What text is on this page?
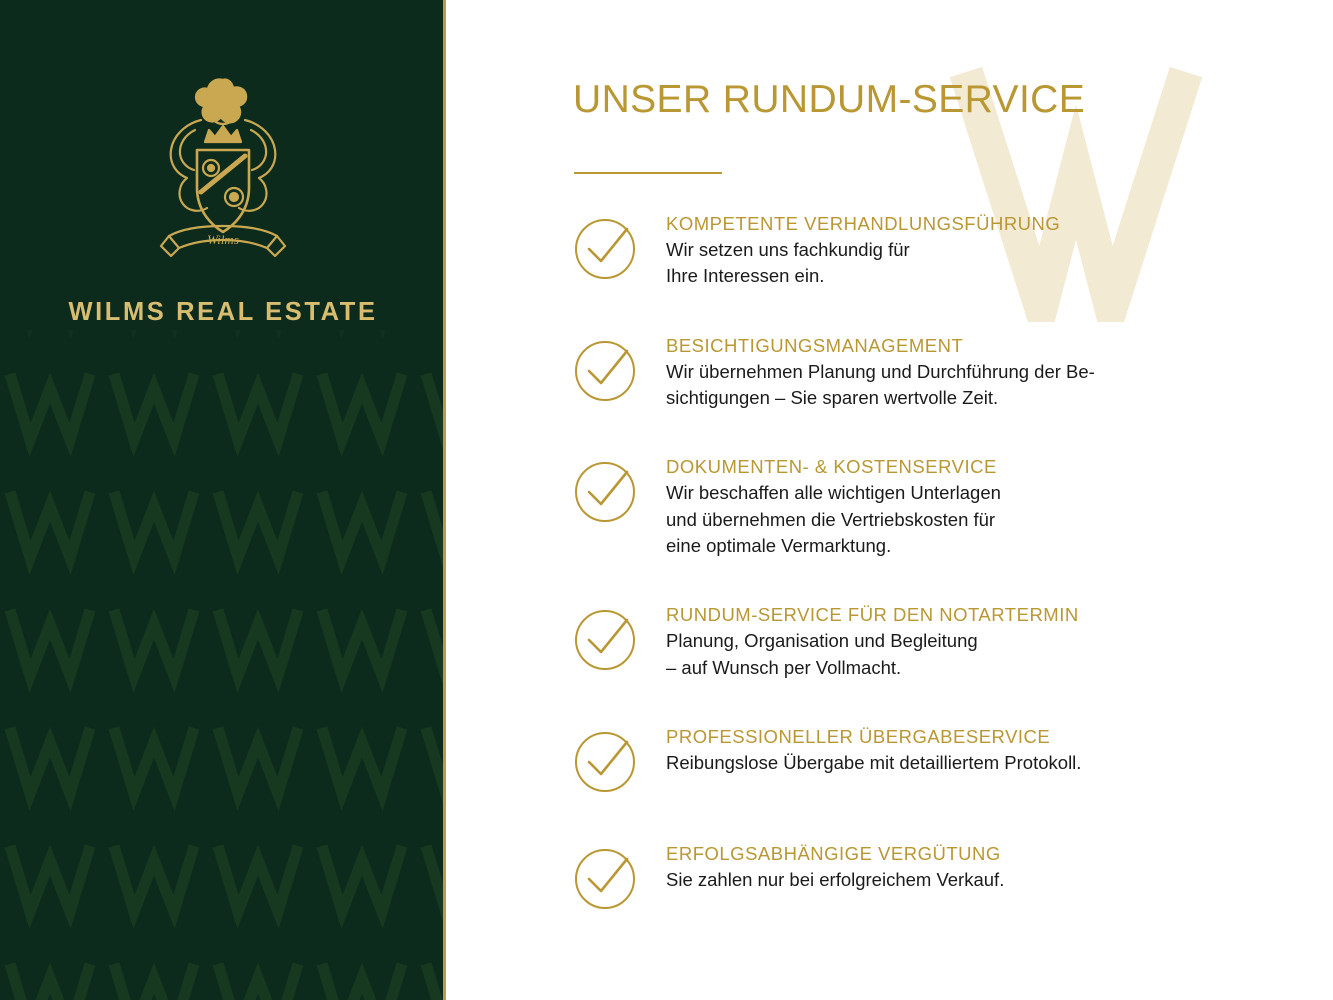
Wilms
WILMS REAL ESTATE
UNSER RUNDUM-SERVICE
KOMPETENTE VERHANDLUNGSFÜHRUNG
Wir setzen uns fachkundig für
Ihre Interessen ein.
BESICHTIGUNGSMANAGEMENT
Wir übernehmen Planung und Durchführung der Be-
sichtigungen – Sie sparen wertvolle Zeit.
DOKUMENTEN- & KOSTENSERVICE
Wir beschaffen alle wichtigen Unterlagen
und übernehmen die Vertriebskosten für
eine optimale Vermarktung.
RUNDUM-SERVICE FÜR DEN NOTARTERMIN
Planung, Organisation und Begleitung
– auf Wunsch per Vollmacht.
PROFESSIONELLER ÜBERGABESERVICE
Reibungslose Übergabe mit detailliertem Protokoll.
ERFOLGSABHÄNGIGE VERGÜTUNG
Sie zahlen nur bei erfolgreichem Verkauf.
